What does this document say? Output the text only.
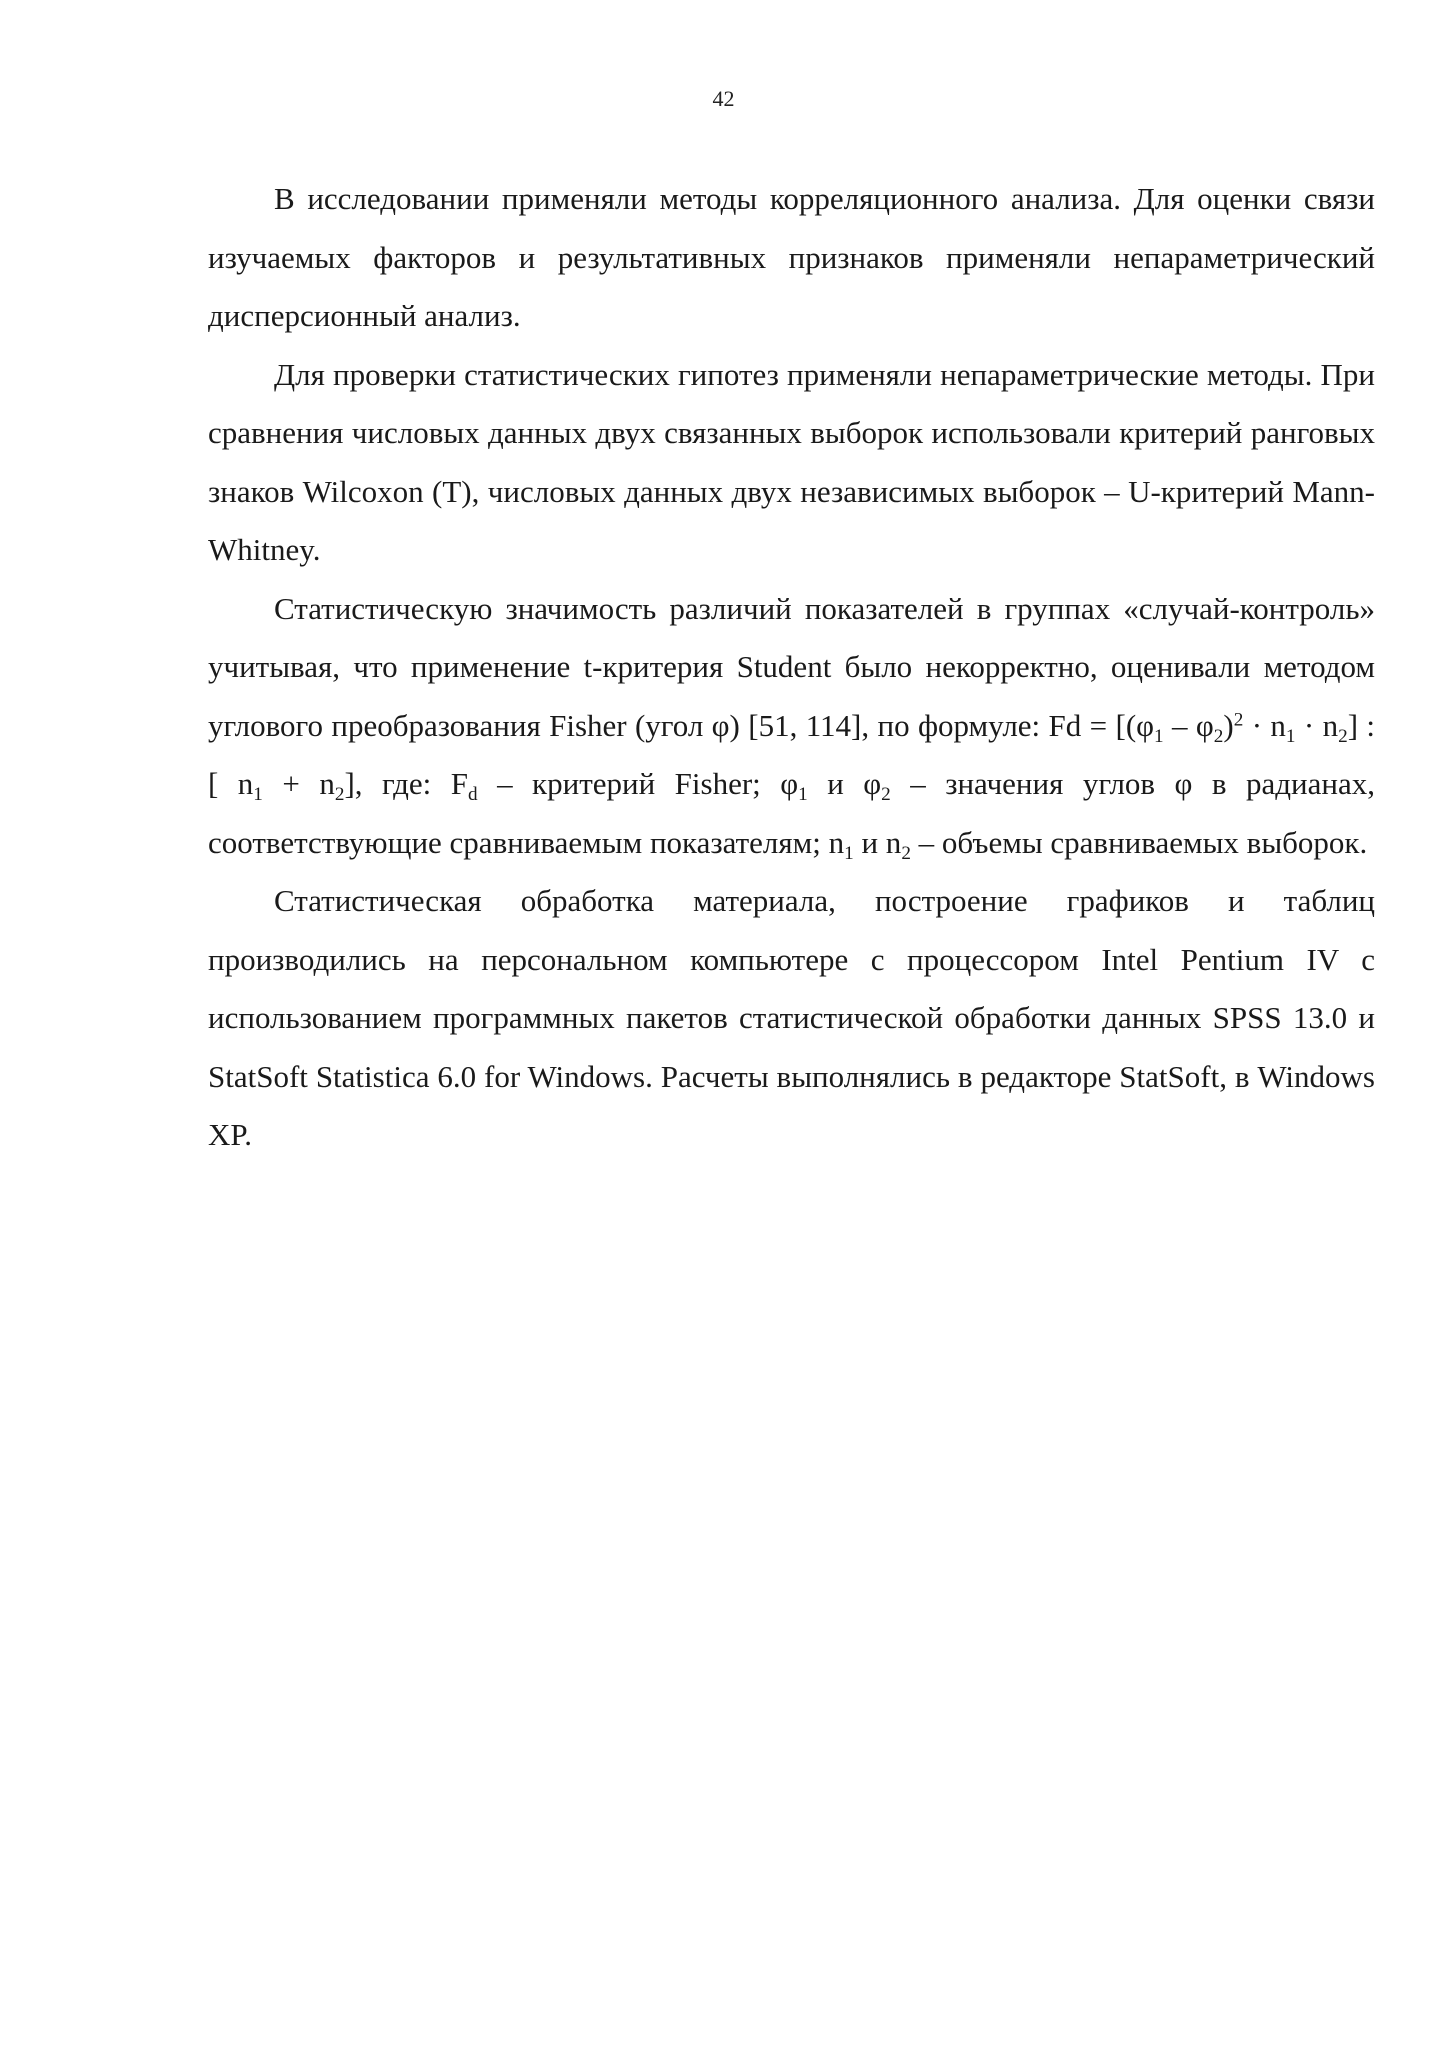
42

В исследовании применяли методы корреляционного анализа. Для оценки связи изучаемых факторов и результативных признаков применяли непараметрический дисперсионный анализ.

Для проверки статистических гипотез применяли непараметрические методы. При сравнения числовых данных двух связанных выборок использовали критерий ранговых знаков Wilcoxon (T), числовых данных двух независимых выборок – U-критерий Mann-Whitney.

Статистическую значимость различий показателей в группах «случай-контроль» учитывая, что применение t-критерия Student было некорректно, оценивали методом углового преобразования Fisher (угол φ) [51, 114], по формуле: $Fd = [(\varphi_1 - \varphi_2)^2 \cdot n_1 \cdot n_2]$ : [ $n_1 + n_2$], где: $F_d$ – критерий Fisher; $\varphi_1$ и $\varphi_2$ – значения углов φ в радианах, соответствующие сравниваемым показателям; $n_1$ и $n_2$ – объемы сравниваемых выборок.

Статистическая обработка материала, построение графиков и таблиц производились на персональном компьютере с процессором Intel Pentium IV с использованием программных пакетов статистической обработки данных SPSS 13.0 и StatSoft Statistica 6.0 for Windows. Расчеты выполнялись в редакторе StatSoft, в Windows XP.
